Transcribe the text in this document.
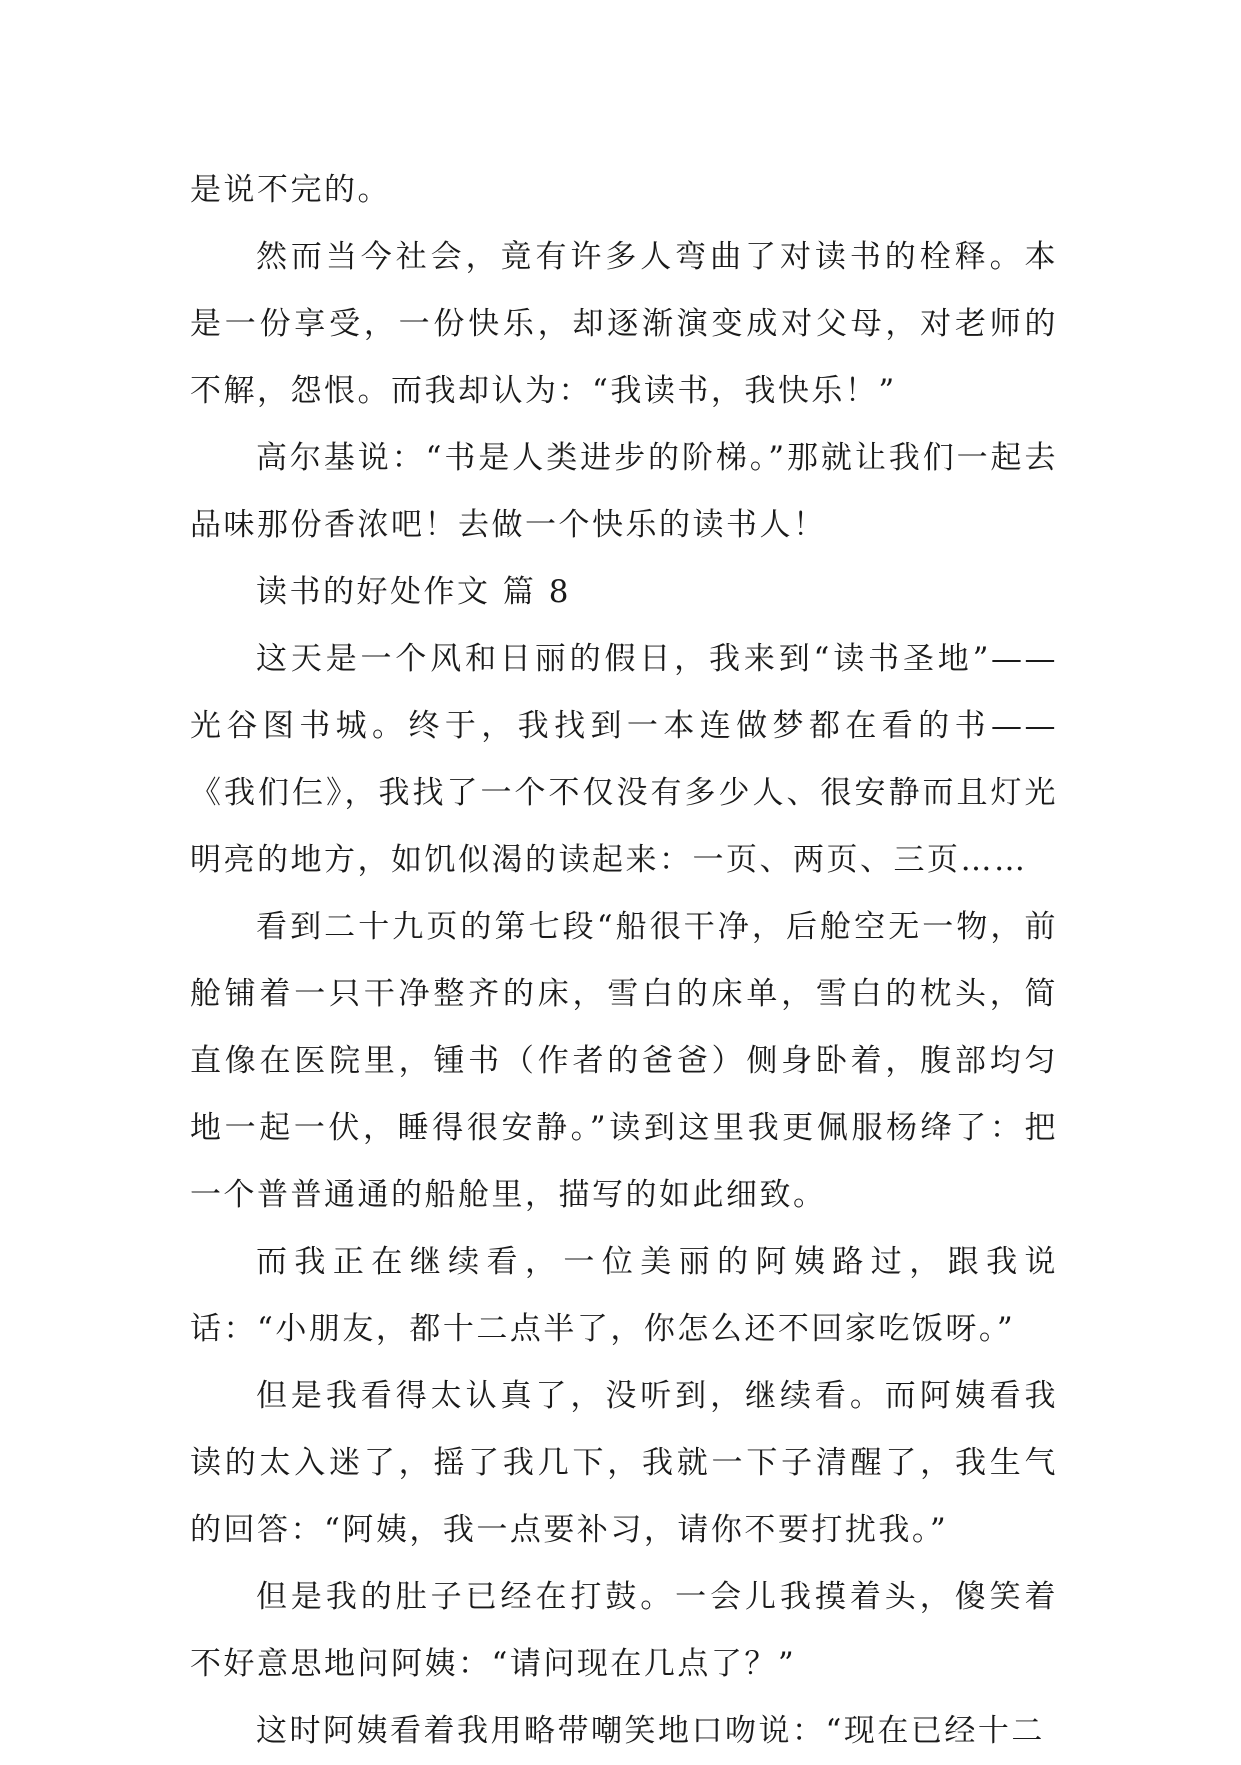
是说不完的。

然而当今社会，竟有许多人弯曲了对读书的栓释。本是一份享受，一份快乐，却逐渐演变成对父母，对老师的不解，怨恨。而我却认为：“我读书，我快乐！”

高尔基说：“书是人类进步的阶梯。”那就让我们一起去品味那份香浓吧！去做一个快乐的读书人！

读书的好处作文 篇 8

这天是一个风和日丽的假日，我来到“读书圣地”——光谷图书城。终于，我找到一本连做梦都在看的书——《我们仨》，我找了一个不仅没有多少人、很安静而且灯光明亮的地方，如饥似渴的读起来：一页、两页、三页……

看到二十九页的第七段“船很干净，后舱空无一物，前舱铺着一只干净整齐的床，雪白的床单，雪白的枕头，简直像在医院里，锺书（作者的爸爸）侧身卧着，腹部均匀地一起一伏，睡得很安静。”读到这里我更佩服杨绛了：把一个普普通通的船舱里，描写的如此细致。

而我正在继续看，一位美丽的阿姨路过，跟我说话：“小朋友，都十二点半了，你怎么还不回家吃饭呀。”

但是我看得太认真了，没听到，继续看。而阿姨看我读的太入迷了，摇了我几下，我就一下子清醒了，我生气的回答：“阿姨，我一点要补习，请你不要打扰我。”

但是我的肚子已经在打鼓。一会儿我摸着头，傻笑着不好意思地问阿姨：“请问现在几点了？”

这时阿姨看着我用略带嘲笑地口吻说：“现在已经十二
